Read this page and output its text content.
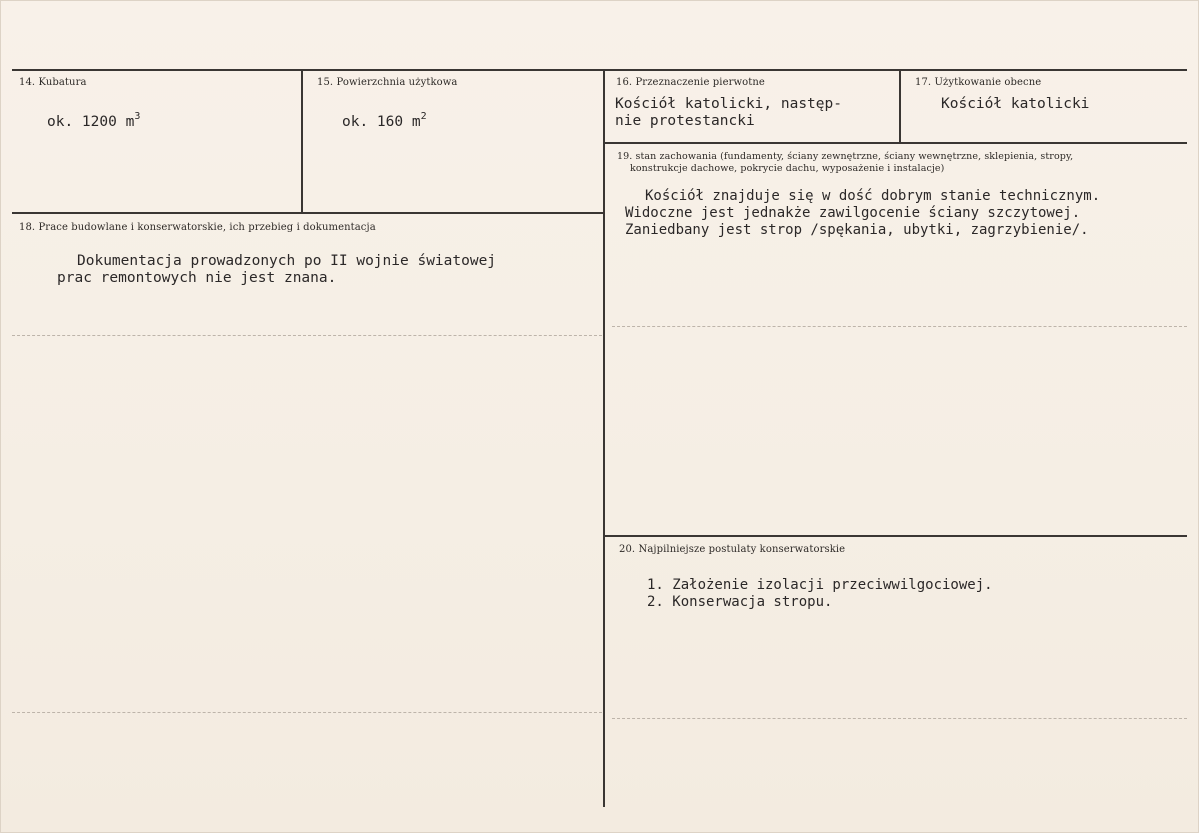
14. Kubatura
ok. 1200 $m^3$
15. Powierzchnia użytkowa
ok. 160 $m^2$
16. Przeznaczenie pierwotne
Kościół katolicki, następ-
nie protestancki
17. Użytkowanie obecne
Kościół katolicki
19. stan zachowania (fundamenty, ściany zewnętrzne, ściany wewnętrzne, sklepienia, stropy,
konstrukcje dachowe, pokrycie dachu, wyposażenie i instalacje)
Kościół znajduje się w dość dobrym stanie technicznym.
Widoczne jest jednakże zawilgocenie ściany szczytowej.
Zaniedbany jest strop /spękania, ubytki, zagrzybienie/.
18. Prace budowlane i konserwatorskie, ich przebieg i dokumentacja
Dokumentacja prowadzonych po II wojnie światowej
prac remontowych nie jest znana.
20. Najpilniejsze postulaty konserwatorskie
1. Założenie izolacji przeciwwilgociowej.
2. Konserwacja stropu.
